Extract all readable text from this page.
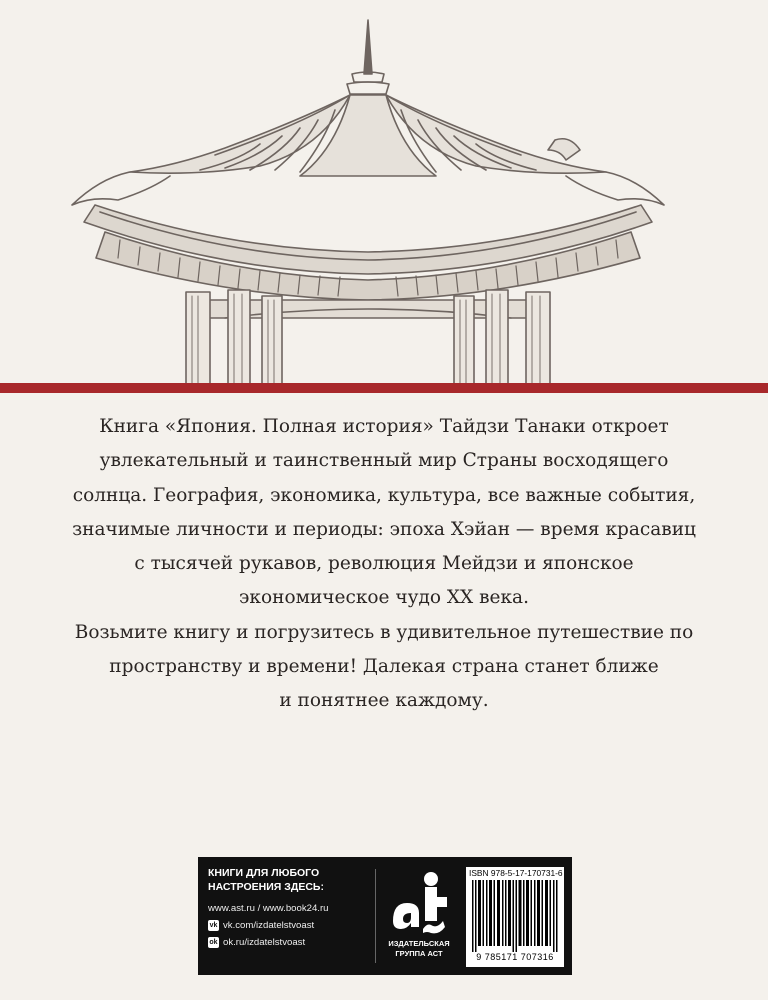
Книга «Япония. Полная история» Тайдзи Танаки откроет
увлекательный и таинственный мир Страны восходящего
солнца. География, экономика, культура, все важные события,
значимые личности и периоды: эпоха Хэйан — время красавиц
с тысячей рукавов, революция Мейдзи и японское
экономическое чудо XX века.

Возьмите книгу и погрузитесь в удивительное путешествие по
пространству и времени! Далекая страна станет ближе
и понятнее каждому.

КНИГИ ДЛЯ ЛЮБОГО
НАСТРОЕНИЯ ЗДЕСЬ:
www.ast.ru / www.book24.ru
vk vk.com/izdatelstvoast
ok ok.ru/izdatelstvoast	ИЗДАТЕЛЬСКАЯ
ГРУППА АСТ
ISBN 978-5-17-170731-6
9 785171 707316
